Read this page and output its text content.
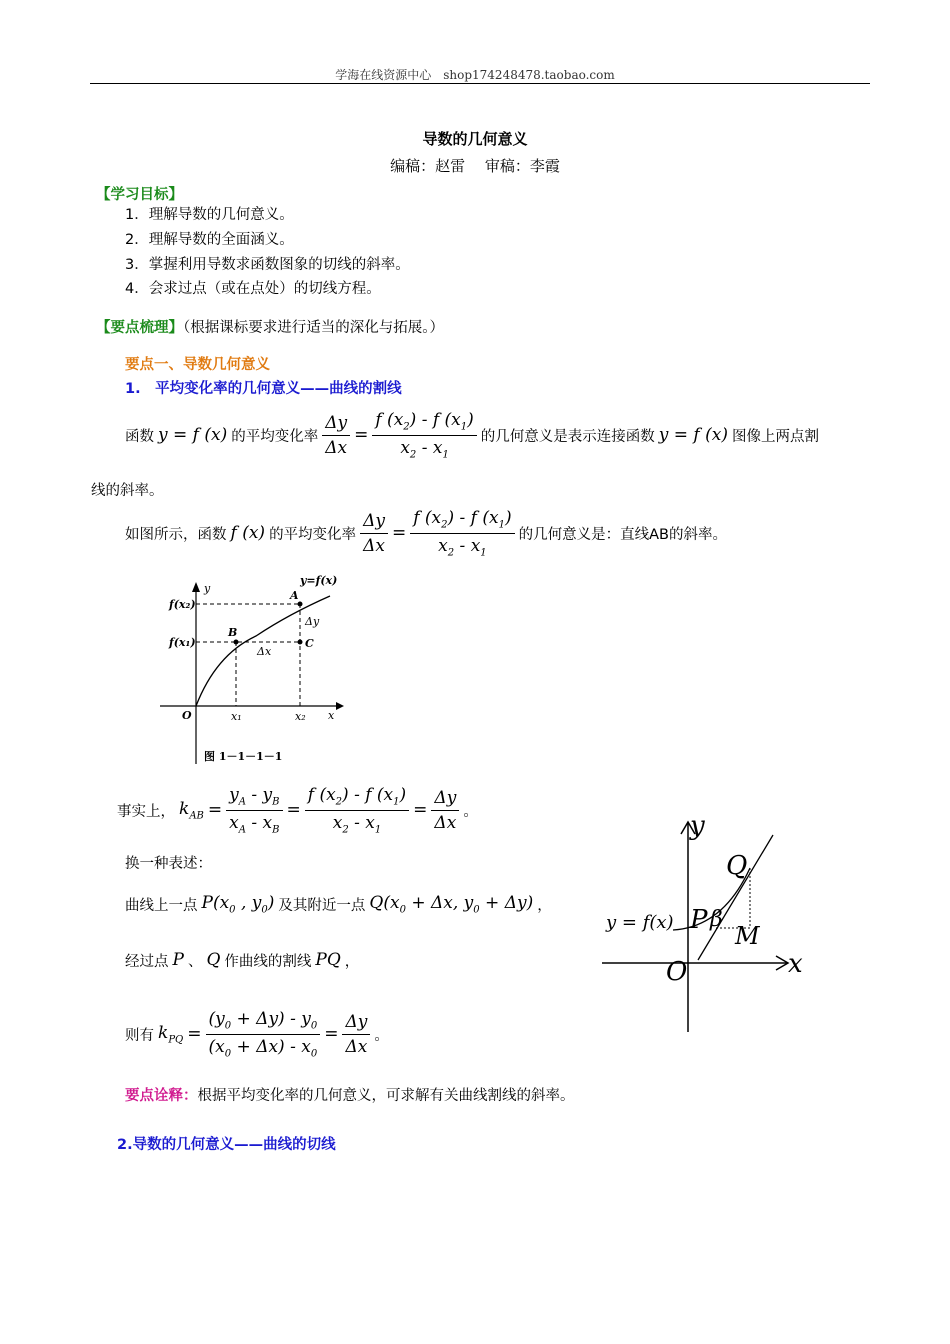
学海在线资源中心　shop174248478.taobao.com
导数的几何意义
编稿：赵雷　 审稿：李霞
【学习目标】
1．理解导数的几何意义。
2．理解导数的全面涵义。
3．掌握利用导数求函数图象的切线的斜率。
4．会求过点（或在点处）的切线方程。
【要点梳理】（根据课标要求进行适当的深化与拓展。）
要点一、导数几何意义
1.　平均变化率的几何意义——曲线的割线
函数 y = f (x) 的平均变化率 $\frac{\Delta y}{\Delta x} = \frac{f (x_2) - f (x_1)}{x_2 - x_1}$ 的几何意义是表示连接函数 y = f (x) 图像上两点割
线的斜率。
如图所示，函数 f (x) 的平均变化率 $\frac{\Delta y}{\Delta x} = \frac{f (x_2) - f (x_1)}{x_2 - x_1}$ 的几何意义是：直线AB的斜率。
y
x
y=f(x)
f(x₂)
f(x₁)
A
B
C
Δy
Δx
O	x₁	x₂
图 1－1－1－1
事实上， $k_{AB} = \frac{y_A - y_B}{x_A - x_B} = \frac{f (x_2) - f (x_1)}{x_2 - x_1} = \frac{\Delta y}{\Delta x}$ 。
换一种表述：
曲线上一点 $P(x_0$ , $y_0$) 及其附近一点 $Q(x_0 + \Delta x$, $y_0 + \Delta y$) ，
经过点 P 、 Q 作曲线的割线 PQ ，
则有 $k_{PQ} = \frac{(y_0 + \Delta y) - y_0}{(x_0 + \Delta x) - x_0} = \frac{\Delta y}{\Delta x}$ 。
要点诠释：根据平均变化率的几何意义，可求解有关曲线割线的斜率。
2.导数的几何意义——曲线的切线
y
x
Q
P β
M
O
y = f(x)
